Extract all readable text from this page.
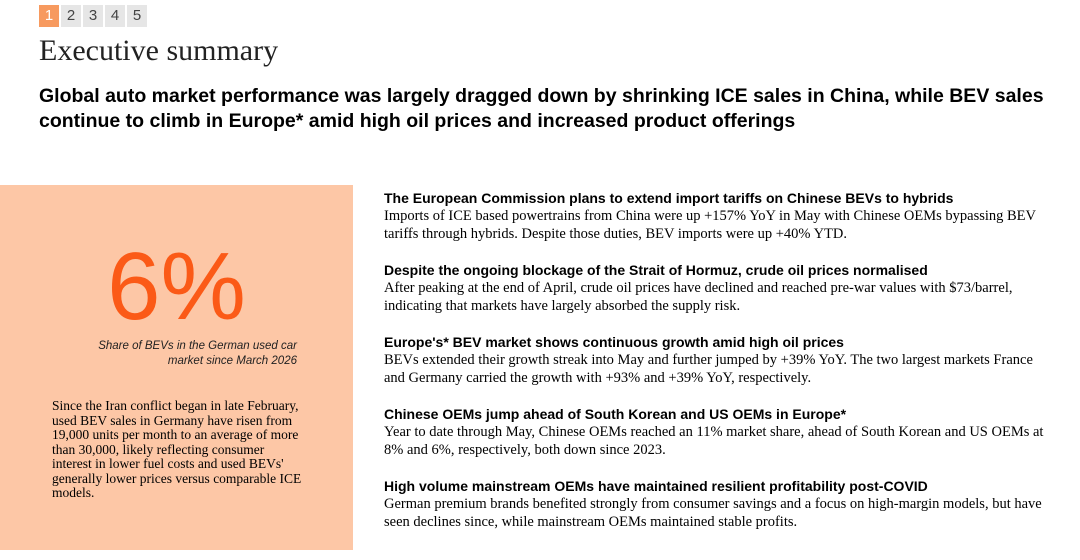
1 2 3 4 5
Executive summary

Global auto market performance was largely dragged down by shrinking ICE sales in China, while BEV sales continue to climb in Europe* amid high oil prices and increased product offerings

6%
Share of BEVs in the German used car market since March 2026
Since the Iran conflict began in late February, used BEV sales in Germany have risen from 19,000 units per month to an average of more than 30,000, likely reflecting consumer interest in lower fuel costs and used BEVs' generally lower prices versus comparable ICE models.
The European Commission plans to extend import tariffs on Chinese BEVs to hybrids
Imports of ICE based powertrains from China were up +157% YoY in May with Chinese OEMs bypassing BEV tariffs through hybrids. Despite those duties, BEV imports were up +40% YTD.
Despite the ongoing blockage of the Strait of Hormuz, crude oil prices normalised
After peaking at the end of April, crude oil prices have declined and reached pre-war values with $73/barrel, indicating that markets have largely absorbed the supply risk.
Europe's* BEV market shows continuous growth amid high oil prices
BEVs extended their growth streak into May and further jumped by +39% YoY. The two largest markets France and Germany carried the growth with +93% and +39% YoY, respectively.
Chinese OEMs jump ahead of South Korean and US OEMs in Europe*
Year to date through May, Chinese OEMs reached an 11% market share, ahead of South Korean and US OEMs at 8% and 6%, respectively, both down since 2023.
High volume mainstream OEMs have maintained resilient profitability post-COVID
German premium brands benefited strongly from consumer savings and a focus on high-margin models, but have seen declines since, while mainstream OEMs maintained stable profits.
